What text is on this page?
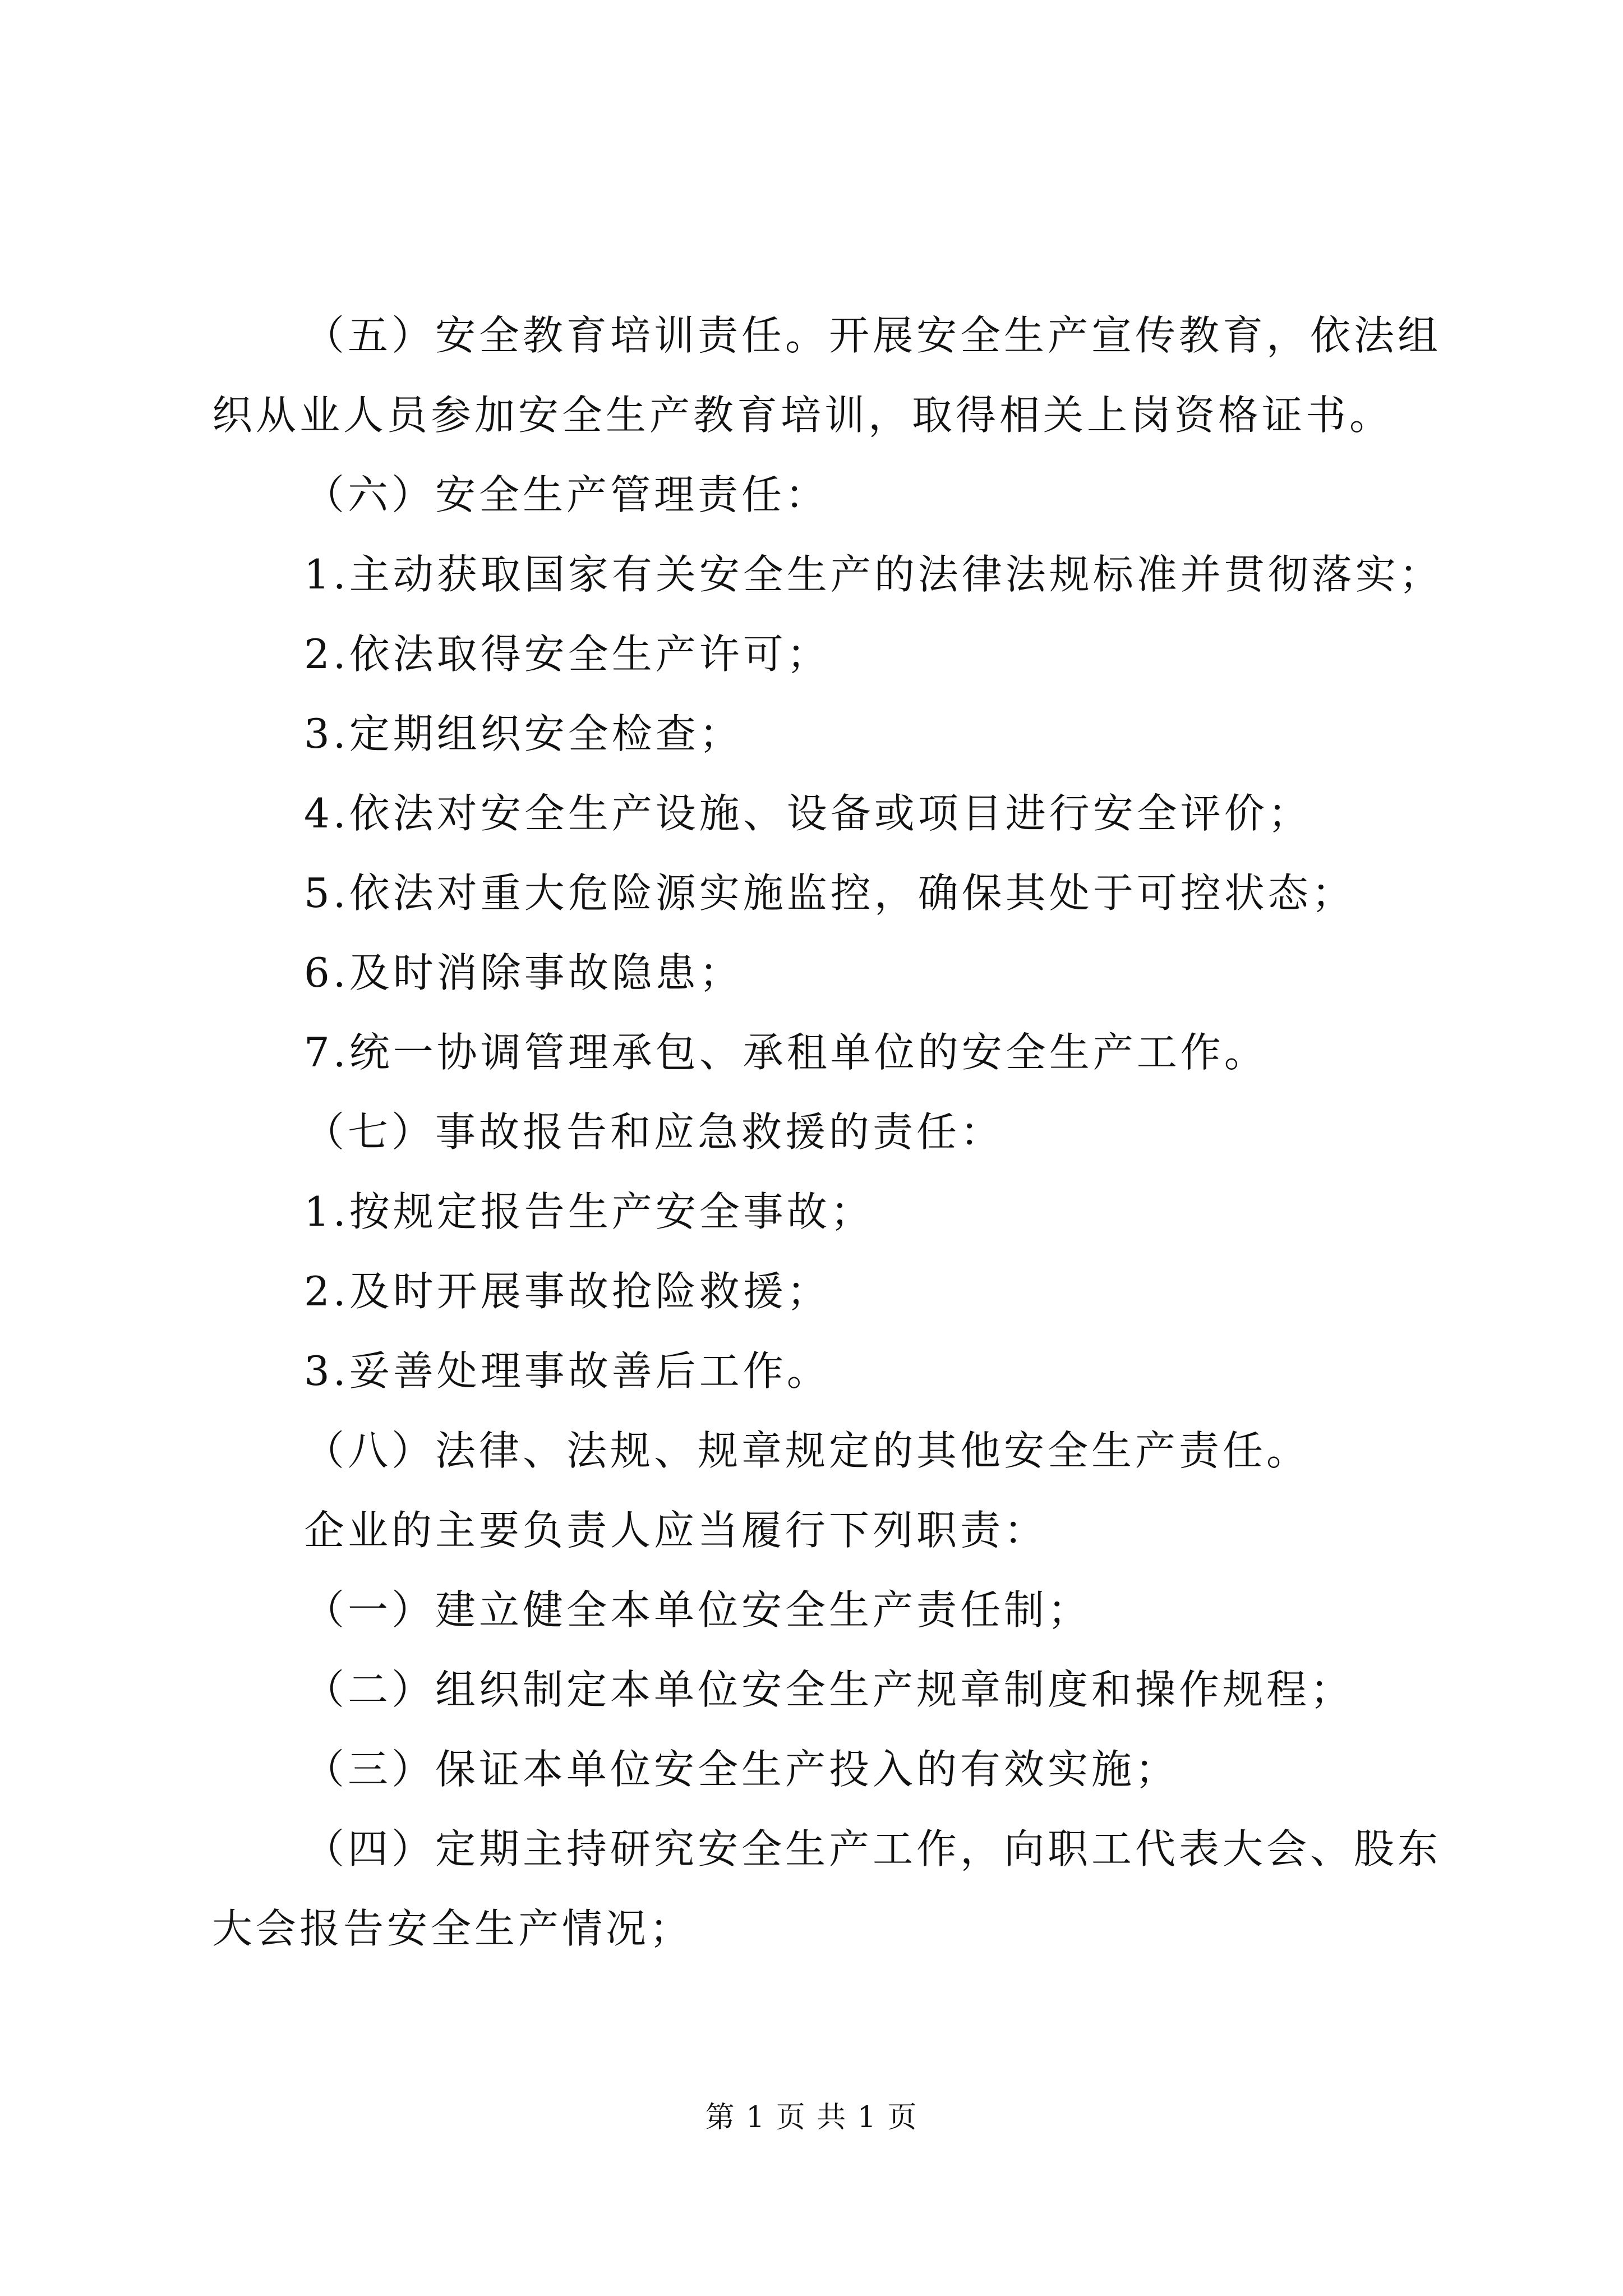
（五）安全教育培训责任。开展安全生产宣传教育，依法组
织从业人员参加安全生产教育培训，取得相关上岗资格证书。
（六）安全生产管理责任：
1.主动获取国家有关安全生产的法律法规标准并贯彻落实；
2.依法取得安全生产许可；
3.定期组织安全检查；
4.依法对安全生产设施、设备或项目进行安全评价；
5.依法对重大危险源实施监控，确保其处于可控状态；
6.及时消除事故隐患；
7.统一协调管理承包、承租单位的安全生产工作。
（七）事故报告和应急救援的责任：
1.按规定报告生产安全事故；
2.及时开展事故抢险救援；
3.妥善处理事故善后工作。
（八）法律、法规、规章规定的其他安全生产责任。
企业的主要负责人应当履行下列职责：
（一）建立健全本单位安全生产责任制；
（二）组织制定本单位安全生产规章制度和操作规程；
（三）保证本单位安全生产投入的有效实施；
（四）定期主持研究安全生产工作，向职工代表大会、股东
大会报告安全生产情况；
第 1 页 共 1 页
